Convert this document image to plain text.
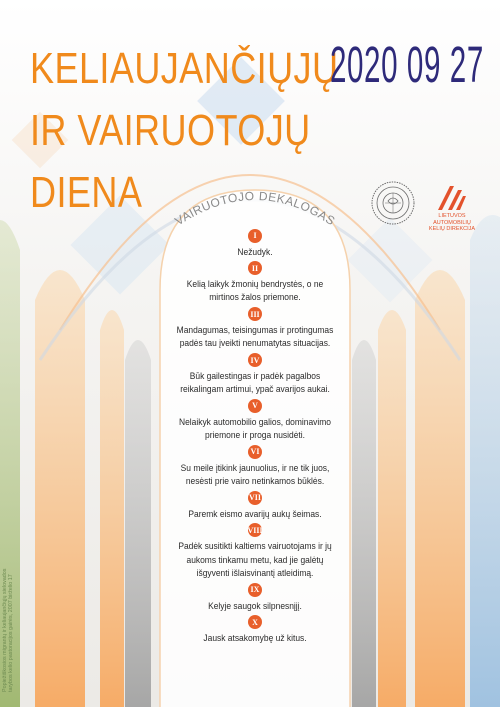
VAIRUOTOJO DEKALOGAS
KELIAUJANČIŲJŲ
IR VAIRUOTOJŲ
DIENA
2020 09 27
LIETUVOS
AUTOMOBILIŲ
KELIŲ DIREKCIJA
I
Nežudyk.
II
Kelią laikyk žmonių bendrystės, o ne mirtinos žalos priemone.
III
Mandagumas, teisingumas ir protingumas padės tau įveikti nenumatytas situacijas.
IV
Būk gailestingas ir padėk pagalbos reikalingam artimui, ypač avarijos aukai.
V
Nelaikyk automobilio galios, dominavimo priemone ir proga nusidėti.
VI
Su meile įtikink jaunuolius, ir ne tik juos, nesėsti prie vairo netinkamos būklės.
VII
Paremk eismo avarijų aukų šeimas.
VIII
Padėk susitikti kaltiems vairuotojams ir jų aukoms tinkamu metu, kad jie galėtų išgyventi išlaisvinantį atleidimą.
IX
Kelyje saugok silpnesnįjį.
X
Jausk atsakomybę už kitus.
Popiežiškosios migrantų ir keliaujančiųjų sielovados tarybos kelio pastoracijos gairės, 2007 birželio 17
